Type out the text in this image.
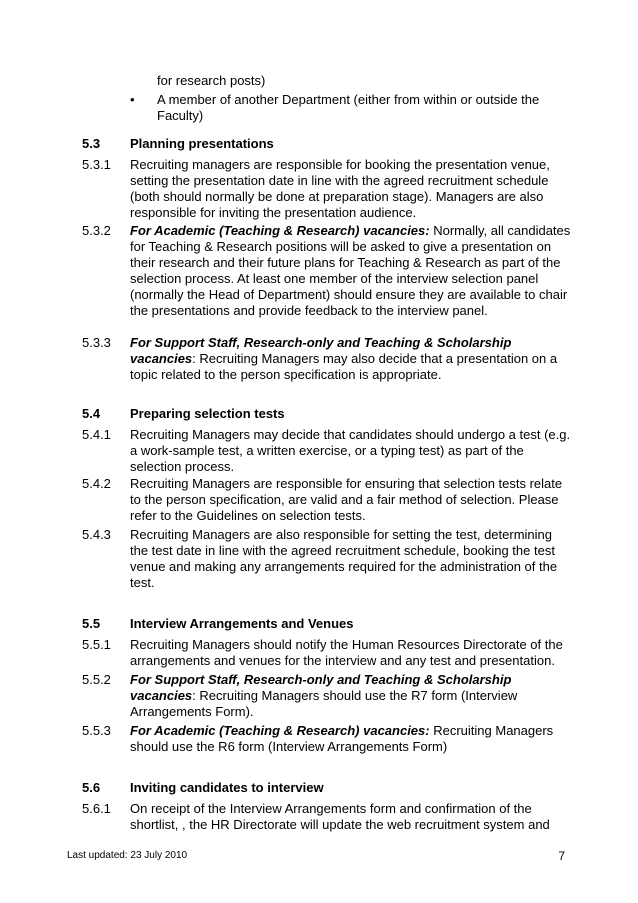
for research posts)
•	A member of another Department (either from within or outside the Faculty)
5.3	Planning presentations
5.3.1	Recruiting managers are responsible for booking the presentation venue, setting the presentation date in line with the agreed recruitment schedule (both should normally be done at preparation stage). Managers are also responsible for inviting the presentation audience.
5.3.2	For Academic (Teaching & Research) vacancies: Normally, all candidates for Teaching & Research positions will be asked to give a presentation on their research and their future plans for Teaching & Research as part of the selection process. At least one member of the interview selection panel (normally the Head of Department) should ensure they are available to chair the presentations and provide feedback to the interview panel.
5.3.3	For Support Staff, Research-only and Teaching & Scholarship vacancies: Recruiting Managers may also decide that a presentation on a topic related to the person specification is appropriate.
5.4	Preparing selection tests
5.4.1	Recruiting Managers may decide that candidates should undergo a test (e.g. a work-sample test, a written exercise, or a typing test) as part of the selection process.
5.4.2	Recruiting Managers are responsible for ensuring that selection tests relate to the person specification, are valid and a fair method of selection. Please refer to the Guidelines on selection tests.
5.4.3	Recruiting Managers are also responsible for setting the test, determining the test date in line with the agreed recruitment schedule, booking the test venue and making any arrangements required for the administration of the test.
5.5	Interview Arrangements and Venues
5.5.1	Recruiting Managers should notify the Human Resources Directorate of the arrangements and venues for the interview and any test and presentation.
5.5.2	For Support Staff, Research-only and Teaching & Scholarship vacancies: Recruiting Managers should use the R7 form (Interview Arrangements Form).
5.5.3	For Academic (Teaching & Research) vacancies: Recruiting Managers should use the R6 form (Interview Arrangements Form)
5.6	Inviting candidates to interview
5.6.1	On receipt of the Interview Arrangements form and confirmation of the shortlist, , the HR Directorate will update the web recruitment system and
Last updated: 23 July 2010	7
